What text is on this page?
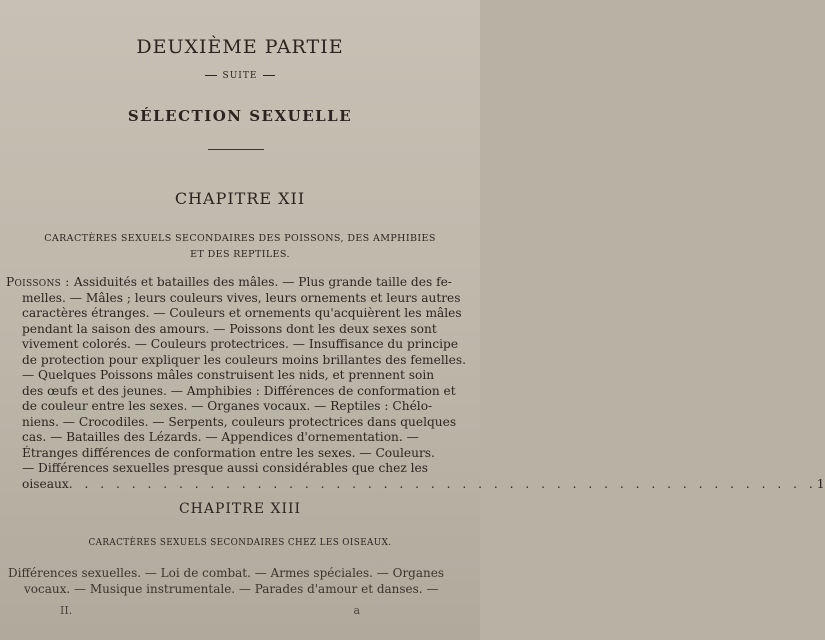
DEUXIÈME PARTIE
SUITE
SÉLECTION SEXUELLE
CHAPITRE XII
CARACTÈRES SEXUELS SECONDAIRES DES POISSONS, DES AMPHIBIES
ET DES REPTILES.
Poissons : Assiduités et batailles des mâles. — Plus grande taille des fe-
melles. — Mâles ; leurs couleurs vives, leurs ornements et leurs autres
caractères étranges. — Couleurs et ornements qu'acquièrent les mâles
pendant la saison des amours. — Poissons dont les deux sexes sont
vivement colorés. — Couleurs protectrices. — Insuffisance du principe
de protection pour expliquer les couleurs moins brillantes des femelles.
— Quelques Poissons mâles construisent les nids, et prennent soin
des œufs et des jeunes. — Amphibies : Différences de conformation et
de couleur entre les sexes. — Organes vocaux. — Reptiles : Chélo-
niens. — Crocodiles. — Serpents, couleurs protectrices dans quelques
cas. — Batailles des Lézards. — Appendices d'ornementation. —
Étranges différences de conformation entre les sexes. — Couleurs.
— Différences sexuelles presque aussi considérables que chez les
oiseaux. . . . . . . . . . . . . . . . . . . . . . . . . . . . . . . . . . . . . . . . . . . . . . . .1
CHAPITRE XIII
CARACTÈRES SEXUELS SECONDAIRES CHEZ LES OISEAUX.
Différences sexuelles. — Loi de combat. — Armes spéciales. — Organes
vocaux. — Musique instrumentale. — Parades d'amour et danses. —
II.	a
